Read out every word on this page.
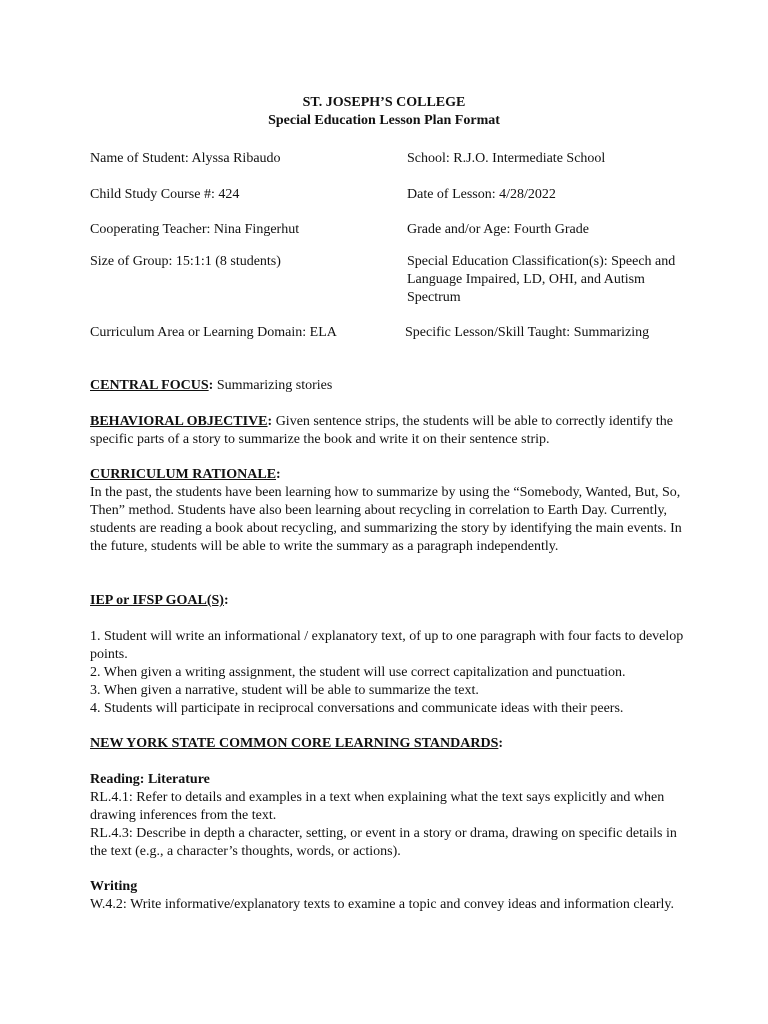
ST. JOSEPH’S COLLEGE
Special Education Lesson Plan Format
Name of Student: Alyssa Ribaudo	School: R.J.O. Intermediate School
Child Study Course #: 424	Date of Lesson: 4/28/2022
Cooperating Teacher: Nina Fingerhut	Grade and/or Age: Fourth Grade
Size of Group: 15:1:1 (8 students)	Special Education Classification(s): Speech and Language Impaired, LD, OHI, and Autism Spectrum
Curriculum Area or Learning Domain: ELA	Specific Lesson/Skill Taught: Summarizing

CENTRAL FOCUS: Summarizing stories

BEHAVIORAL OBJECTIVE: Given sentence strips, the students will be able to correctly identify the specific parts of a story to summarize the book and write it on their sentence strip.

CURRICULUM RATIONALE:

In the past, the students have been learning how to summarize by using the “Somebody, Wanted, But, So, Then” method. Students have also been learning about recycling in correlation to Earth Day. Currently, students are reading a book about recycling, and summarizing the story by identifying the main events. In the future, students will be able to write the summary as a paragraph independently.

IEP or IFSP GOAL(S):

1. Student will write an informational / explanatory text, of up to one paragraph with four facts to develop points.

2. When given a writing assignment, the student will use correct capitalization and punctuation.

3. When given a narrative, student will be able to summarize the text.

4. Students will participate in reciprocal conversations and communicate ideas with their peers.

NEW YORK STATE COMMON CORE LEARNING STANDARDS:

Reading: Literature

RL.4.1: Refer to details and examples in a text when explaining what the text says explicitly and when drawing inferences from the text.

RL.4.3: Describe in depth a character, setting, or event in a story or drama, drawing on specific details in the text (e.g., a character’s thoughts, words, or actions).

Writing

W.4.2: Write informative/explanatory texts to examine a topic and convey ideas and information clearly.
